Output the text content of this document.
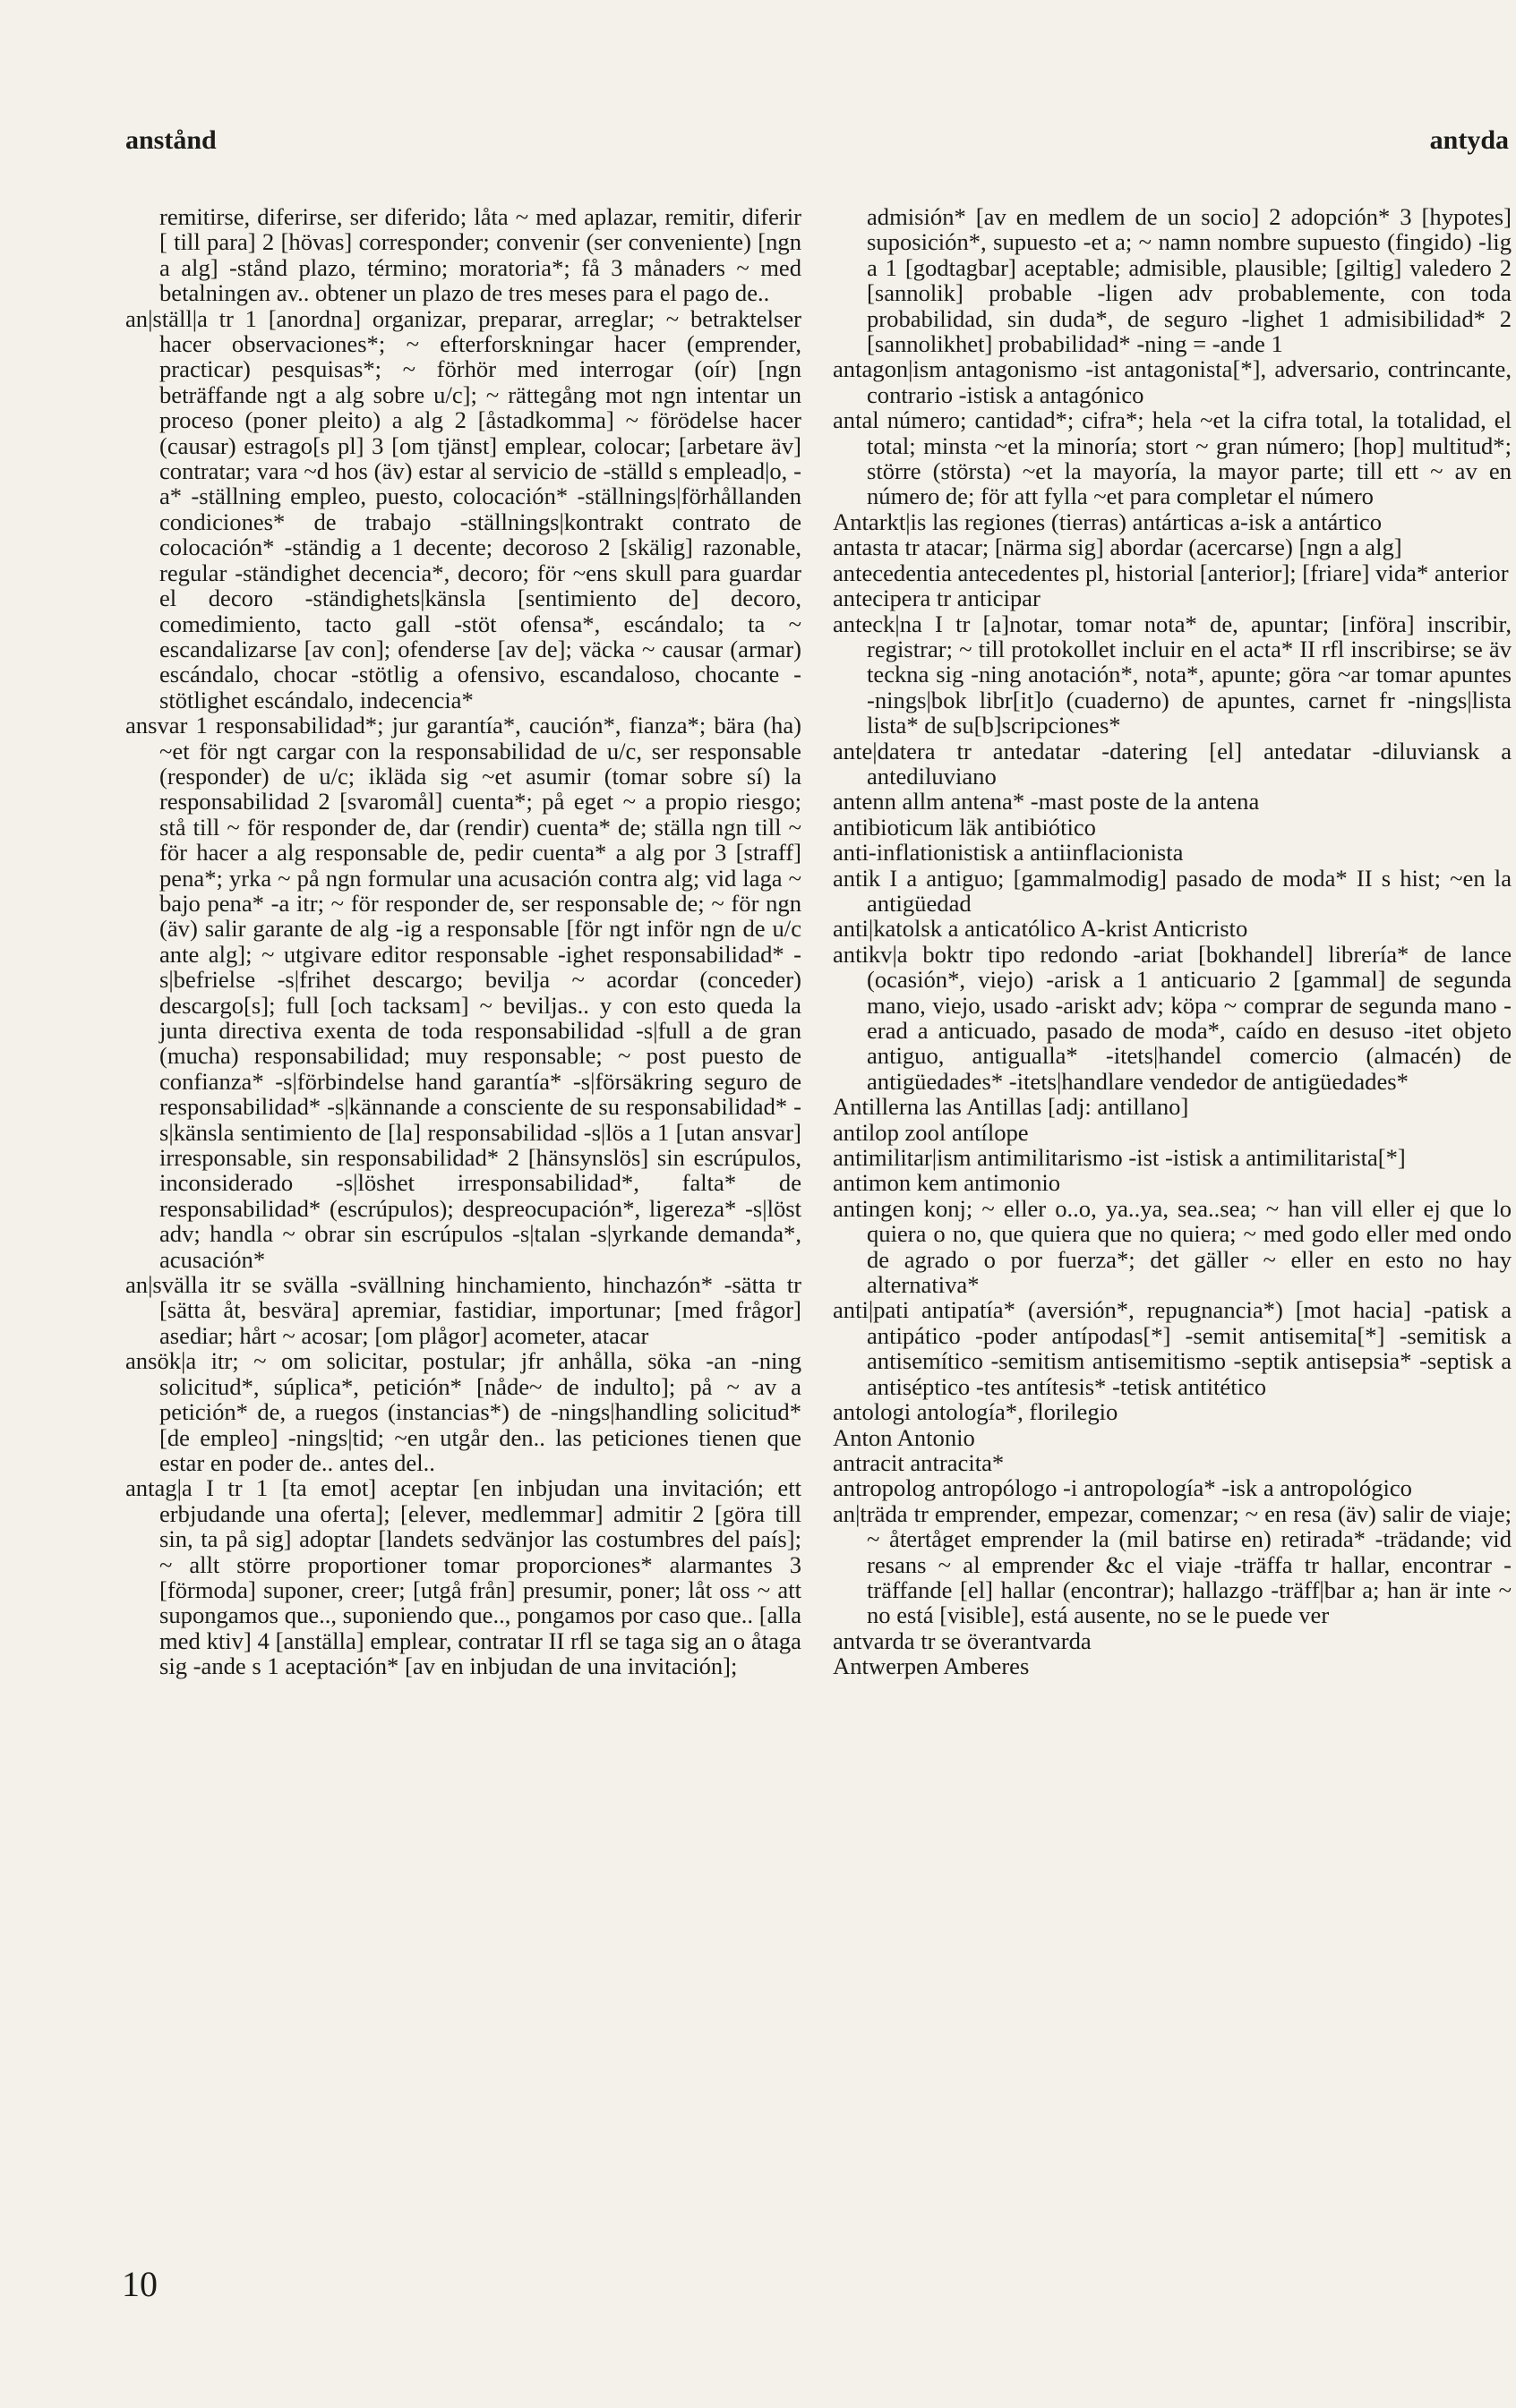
anstånd	antyda

remitirse, diferirse, ser diferido; låta ~ med aplazar, remitir, diferir [ till para] 2 [hövas] corresponder; convenir (ser conveniente) [ngn a alg] -stånd plazo, término; moratoria*; få 3 månaders ~ med betalningen av.. obtener un plazo de tres meses para el pago de..

an|ställ|a tr 1 [anordna] organizar, preparar, arreglar; ~ betraktelser hacer observaciones*; ~ efterforskningar hacer (emprender, practicar) pesquisas*; ~ förhör med interrogar (oír) [ngn beträffande ngt a alg sobre u/c]; ~ rättegång mot ngn intentar un proceso (poner pleito) a alg 2 [åstadkomma] ~ förödelse hacer (causar) estrago[s pl] 3 [om tjänst] emplear, colocar; [arbetare äv] contratar; vara ~d hos (äv) estar al servicio de -ställd s emplead|o, -a* -ställning empleo, puesto, colocación* -ställnings|förhållanden condiciones* de trabajo -ställnings|kontrakt contrato de colocación* -ständig a 1 decente; decoroso 2 [skälig] razonable, regular -ständighet decencia*, decoro; för ~ens skull para guardar el decoro -ständighets|känsla [sentimiento de] decoro, comedimiento, tacto gall -stöt ofensa*, escándalo; ta ~ escandalizarse [av con]; ofenderse [av de]; väcka ~ causar (armar) escándalo, chocar -stötlig a ofensivo, escandaloso, chocante -stötlighet escándalo, indecencia*

ansvar 1 responsabilidad*; jur garantía*, caución*, fianza*; bära (ha) ~et för ngt cargar con la responsabilidad de u/c, ser responsable (responder) de u/c; ikläda sig ~et asumir (tomar sobre sí) la responsabilidad 2 [svaromål] cuenta*; på eget ~ a propio riesgo; stå till ~ för responder de, dar (rendir) cuenta* de; ställa ngn till ~ för hacer a alg responsable de, pedir cuenta* a alg por 3 [straff] pena*; yrka ~ på ngn formular una acusación contra alg; vid laga ~ bajo pena* -a itr; ~ för responder de, ser responsable de; ~ för ngn (äv) salir garante de alg -ig a responsable [för ngt inför ngn de u/c ante alg]; ~ utgivare editor responsable -ighet responsabilidad* -s|befrielse -s|frihet descargo; bevilja ~ acordar (conceder) descargo[s]; full [och tacksam] ~ beviljas.. y con esto queda la junta directiva exenta de toda responsabilidad -s|full a de gran (mucha) responsabilidad; muy responsable; ~ post puesto de confianza* -s|förbindelse hand garantía* -s|försäkring seguro de responsabilidad* -s|kännande a consciente de su responsabilidad* -s|känsla sentimiento de [la] responsabilidad -s|lös a 1 [utan ansvar] irresponsable, sin responsabilidad* 2 [hänsynslös] sin escrúpulos, inconsiderado -s|löshet irresponsabilidad*, falta* de responsabilidad* (escrúpulos); despreocupación*, ligereza* -s|löst adv; handla ~ obrar sin escrúpulos -s|talan -s|yrkande demanda*, acusación*

an|svälla itr se svälla -svällning hinchamiento, hinchazón* -sätta tr [sätta åt, besvära] apremiar, fastidiar, importunar; [med frågor] asediar; hårt ~ acosar; [om plågor] acometer, atacar

ansök|a itr; ~ om solicitar, postular; jfr anhålla, söka -an -ning solicitud*, súplica*, petición* [nåde~ de indulto]; på ~ av a petición* de, a ruegos (instancias*) de -nings|handling solicitud* [de empleo] -nings|tid; ~en utgår den.. las peticiones tienen que estar en poder de.. antes del..

antag|a I tr 1 [ta emot] aceptar [en inbjudan una invitación; ett erbjudande una oferta]; [elever, medlemmar] admitir 2 [göra till sin, ta på sig] adoptar [landets sedvänjor las costumbres del país]; ~ allt större proportioner tomar proporciones* alarmantes 3 [förmoda] suponer, creer; [utgå från] presumir, poner; låt oss ~ att supongamos que.., suponiendo que.., pongamos por caso que.. [alla med ktiv] 4 [anställa] emplear, contratar II rfl se taga sig an o åtaga sig -ande s 1 aceptación* [av en inbjudan de una invitación];

admisión* [av en medlem de un socio] 2 adopción* 3 [hypotes] suposición*, supuesto -et a; ~ namn nombre supuesto (fingido) -lig a 1 [godtagbar] aceptable; admisible, plausible; [giltig] valedero 2 [sannolik] probable -ligen adv probablemente, con toda probabilidad, sin duda*, de seguro -lighet 1 admisibilidad* 2 [sannolikhet] probabilidad* -ning = -ande 1

antagon|ism antagonismo -ist antagonista[*], adversario, contrincante, contrario -istisk a antagónico

antal número; cantidad*; cifra*; hela ~et la cifra total, la totalidad, el total; minsta ~et la minoría; stort ~ gran número; [hop] multitud*; större (största) ~et la mayoría, la mayor parte; till ett ~ av en número de; för att fylla ~et para completar el número

Antarkt|is las regiones (tierras) antárticas a-isk a antártico

antasta tr atacar; [närma sig] abordar (acercarse) [ngn a alg]

antecedentia antecedentes pl, historial [anterior]; [friare] vida* anterior

antecipera tr anticipar

anteck|na I tr [a]notar, tomar nota* de, apuntar; [införa] inscribir, registrar; ~ till protokollet incluir en el acta* II rfl inscribirse; se äv teckna sig -ning anotación*, nota*, apunte; göra ~ar tomar apuntes -nings|bok libr[it]o (cuaderno) de apuntes, carnet fr -nings|lista lista* de su[b]scripciones*

ante|datera tr antedatar -datering [el] antedatar -diluviansk a antediluviano

antenn allm antena* -mast poste de la antena

antibioticum läk antibiótico

anti-inflationistisk a antiinflacionista

antik I a antiguo; [gammalmodig] pasado de moda* II s hist; ~en la antigüedad

anti|katolsk a anticatólico A-krist Anticristo

antikv|a boktr tipo redondo -ariat [bokhandel] librería* de lance (ocasión*, viejo) -arisk a 1 anticuario 2 [gammal] de segunda mano, viejo, usado -ariskt adv; köpa ~ comprar de segunda mano -erad a anticuado, pasado de moda*, caído en desuso -itet objeto antiguo, antigualla* -itets|handel comercio (almacén) de antigüedades* -itets|handlare vendedor de antigüedades*

Antillerna las Antillas [adj: antillano]

antilop zool antílope

antimilitar|ism antimilitarismo -ist -istisk a antimilitarista[*]

antimon kem antimonio

antingen konj; ~ eller o..o, ya..ya, sea..sea; ~ han vill eller ej que lo quiera o no, que quiera que no quiera; ~ med godo eller med ondo de agrado o por fuerza*; det gäller ~ eller en esto no hay alternativa*

anti|pati antipatía* (aversión*, repugnancia*) [mot hacia] -patisk a antipático -poder antípodas[*] -semit antisemita[*] -semitisk a antisemítico -semitism antisemitismo -septik antisepsia* -septisk a antiséptico -tes antítesis* -tetisk antitético

antologi antología*, florilegio

Anton Antonio

antracit antracita*

antropolog antropólogo -i antropología* -isk a antropológico

an|träda tr emprender, empezar, comenzar; ~ en resa (äv) salir de viaje; ~ återtåget emprender la (mil batirse en) retirada* -trädande; vid resans ~ al emprender &c el viaje -träffa tr hallar, encontrar -träffande [el] hallar (encontrar); hallazgo -träff|bar a; han är inte ~ no está [visible], está ausente, no se le puede ver

antvarda tr se överantvarda

Antwerpen Amberes

10
